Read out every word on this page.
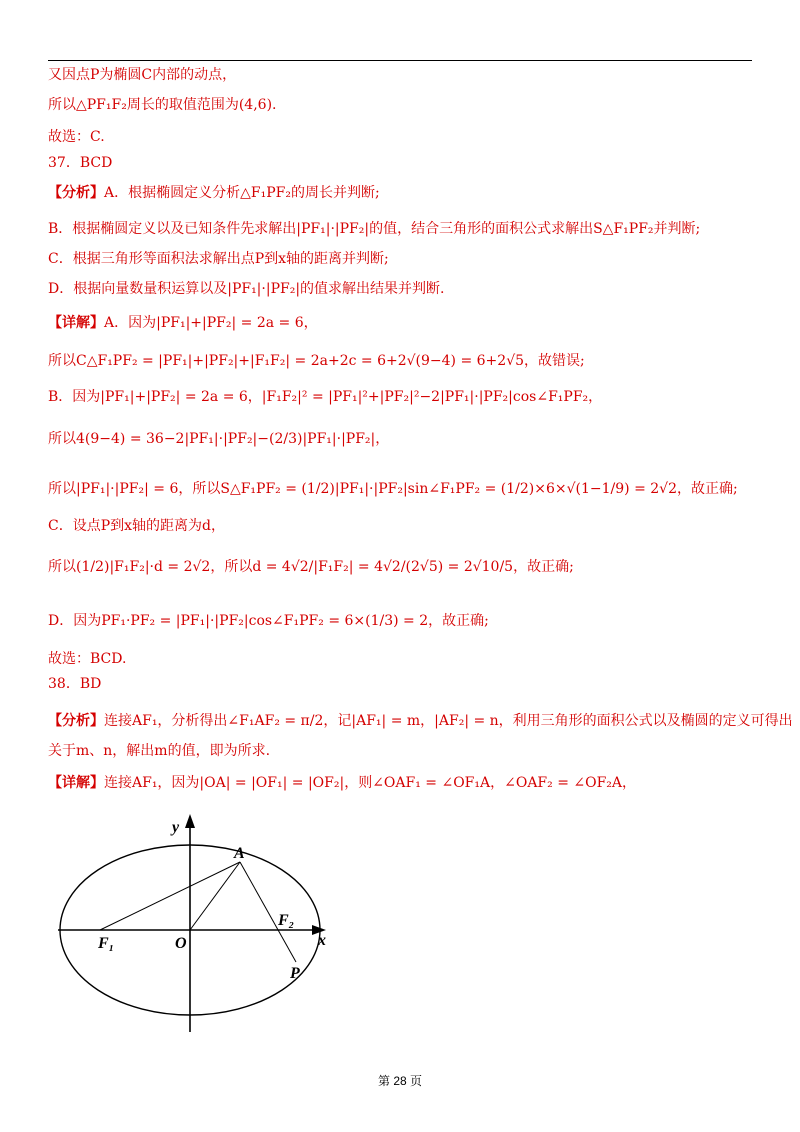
又因点P为椭圆C内部的动点，
所以△PF₁F₂周长的取值范围为(4,6).
故选：C.
37．BCD
【分析】A．根据椭圆定义分析△F₁PF₂的周长并判断;
B．根据椭圆定义以及已知条件先求解出|PF₁|·|PF₂|的值，结合三角形的面积公式求解出S△F₁PF₂并判断;
C．根据三角形等面积法求解出点P到x轴的距离并判断;
D．根据向量数量积运算以及|PF₁|·|PF₂|的值求解出结果并判断.
【详解】A．因为|PF₁|+|PF₂| = 2a = 6，
所以C△F₁PF₂ = |PF₁|+|PF₂|+|F₁F₂| = 2a+2c = 6+2√(9−4) = 6+2√5，故错误;
B．因为|PF₁|+|PF₂| = 2a = 6，|F₁F₂|² = |PF₁|²+|PF₂|²−2|PF₁|·|PF₂|cos∠F₁PF₂，
所以4(9−4) = 36−2|PF₁|·|PF₂|−(2/3)|PF₁|·|PF₂|，
所以|PF₁|·|PF₂| = 6，所以S△F₁PF₂ = (1/2)|PF₁|·|PF₂|sin∠F₁PF₂ = (1/2)×6×√(1−1/9) = 2√2，故正确;
C．设点P到x轴的距离为d，
所以(1/2)|F₁F₂|·d = 2√2，所以d = 4√2/|F₁F₂| = 4√2/(2√5) = 2√10/5，故正确;
D．因为PF₁·PF₂ = |PF₁|·|PF₂|cos∠F₁PF₂ = 6×(1/3) = 2，故正确;
故选：BCD.
38．BD
【分析】连接AF₁，分析得出∠F₁AF₂ = π/2，记|AF₁| = m，|AF₂| = n，利用三角形的面积公式以及椭圆的定义可得出
关于m、n，解出m的值，即为所求.
【详解】连接AF₁，因为|OA| = |OF₁| = |OF₂|，则∠OAF₁ = ∠OF₁A，∠OAF₂ = ∠OF₂A，
y
x
A
F₁	O
F₂
P
第 28 页
